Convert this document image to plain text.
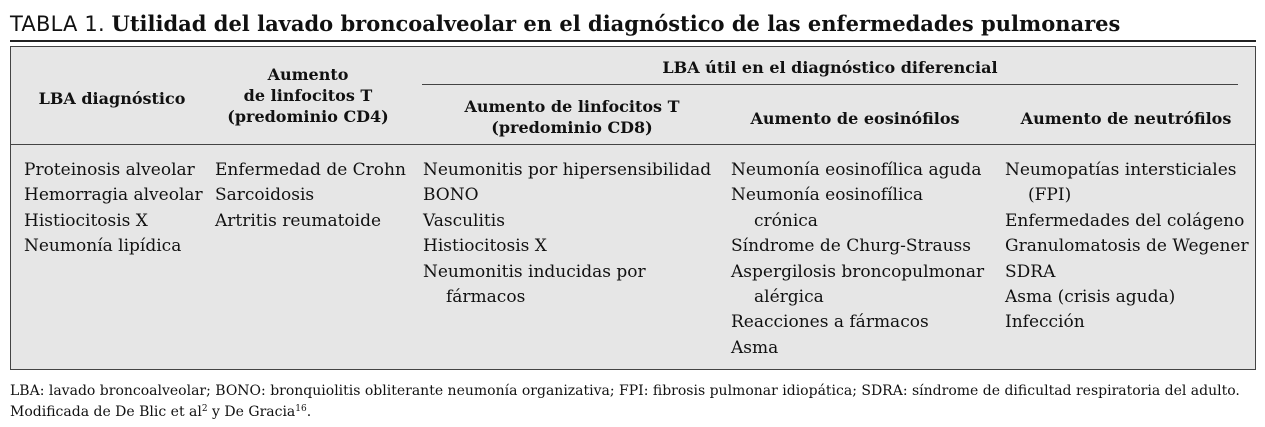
TABLA 1. Utilidad del lavado broncoalveolar en el diagnóstico de las enfermedades pulmonares
LBA diagnóstico
Aumento
de linfocitos T
(predominio CD4)
LBA útil en el diagnóstico diferencial
Aumento de linfocitos T
(predominio CD8)	Aumento de eosinófilos	Aumento de neutrófilos
Proteinosis alveolar
Hemorragia alveolar
Histiocitosis X
Neumonía lipídica
Enfermedad de Crohn
Sarcoidosis
Artritis reumatoide
Neumonitis por hipersensibilidad
BONO
Vasculitis
Histiocitosis X
Neumonitis inducidas por fármacos
Neumonía eosinofílica aguda
Neumonía eosinofílica crónica
Síndrome de Churg-Strauss
Aspergilosis broncopulmonar alérgica
Reacciones a fármacos
Asma
Neumopatías intersticiales (FPI)
Enfermedades del colágeno
Granulomatosis de Wegener
SDRA
Asma (crisis aguda)
Infección
LBA: lavado broncoalveolar; BONO: bronquiolitis obliterante neumonía organizativa; FPI: fibrosis pulmonar idiopática; SDRA: síndrome de dificultad respiratoria del adulto.
Modificada de De Blic et $al^2$ y De Gracia$^{16}$.
